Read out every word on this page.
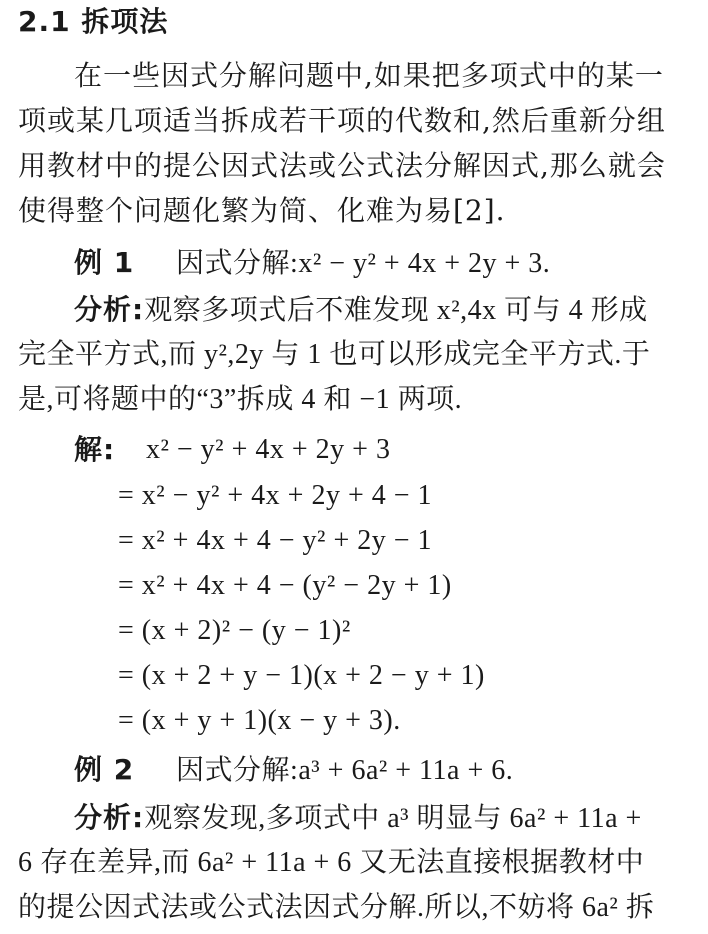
2.1 拆项法
在一些因式分解问题中,如果把多项式中的某一
项或某几项适当拆成若干项的代数和,然后重新分组
用教材中的提公因式法或公式法分解因式,那么就会
使得整个问题化繁为简、化难为易[2].
例 1 因式分解:x² − y² + 4x + 2y + 3.
分析:观察多项式后不难发现 x²,4x 可与 4 形成
完全平方式,而 y²,2y 与 1 也可以形成完全平方式.于
是,可将题中的“3”拆成 4 和 −1 两项.
解:	x² − y² + 4x + 2y + 3
= x² − y² + 4x + 2y + 4 − 1
= x² + 4x + 4 − y² + 2y − 1
= x² + 4x + 4 − (y² − 2y + 1)
= (x + 2)² − (y − 1)²
= (x + 2 + y − 1)(x + 2 − y + 1)
= (x + y + 1)(x − y + 3).
例 2 因式分解:a³ + 6a² + 11a + 6.
分析:观察发现,多项式中 a³ 明显与 6a² + 11a +
6 存在差异,而 6a² + 11a + 6 又无法直接根据教材中
的提公因式法或公式法因式分解.所以,不妨将 6a² 拆
